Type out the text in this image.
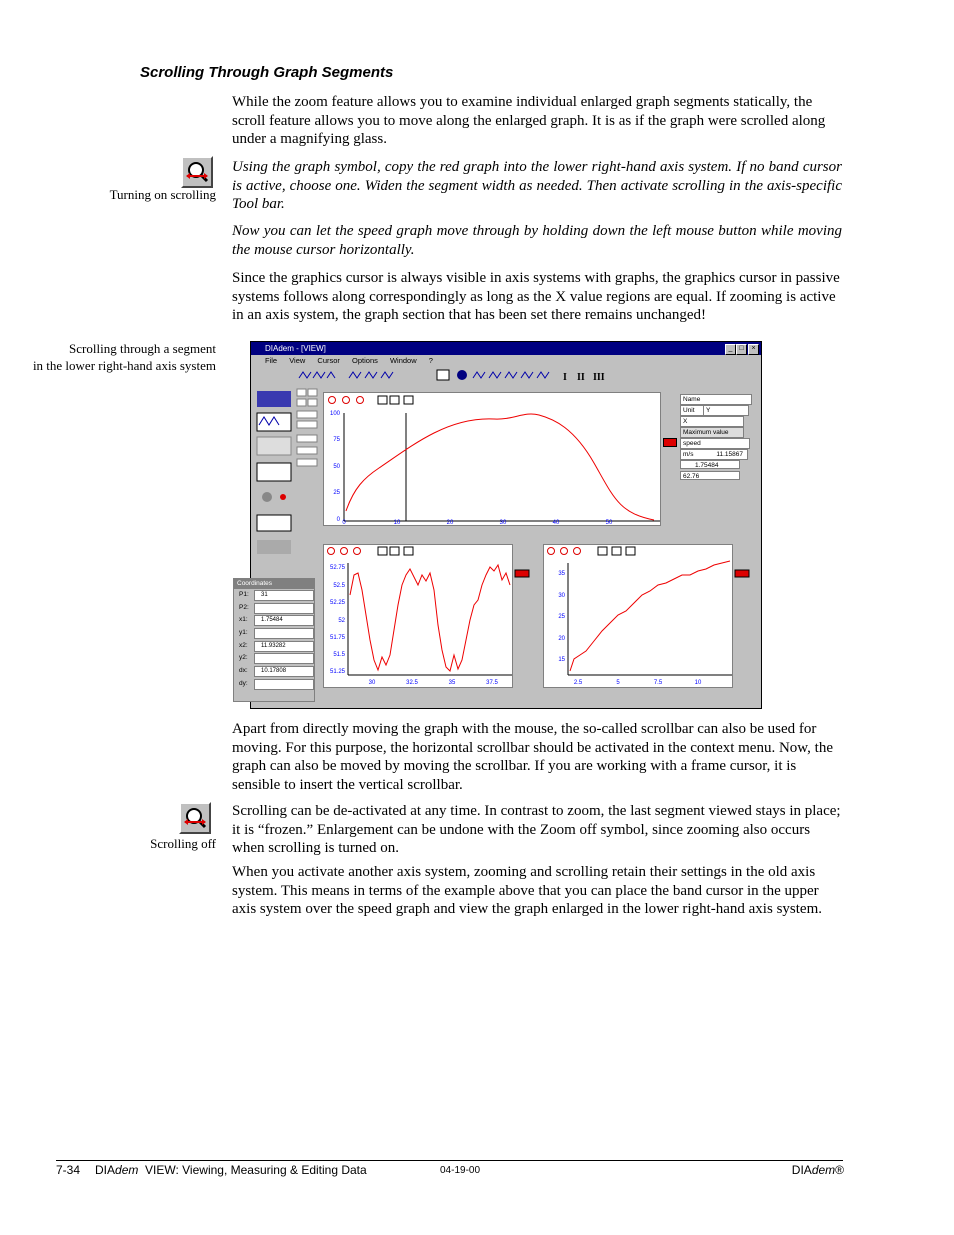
Scrolling Through Graph Segments

While the zoom feature allows you to examine individual enlarged graph segments statically, the scroll feature allows you to move along the enlarged graph. It is as if the graph were scrolled along under a magnifying glass.

Turning on scrolling

Using the graph symbol, copy the red graph into the lower right-hand axis system. If no band cursor is active, choose one. Widen the segment width as needed. Then activate scrolling in the axis-specific Tool bar.

Now you can let the speed graph move through by holding down the left mouse button while moving the mouse cursor horizontally.

Since the graphics cursor is always visible in axis systems with graphs, the graphics cursor in passive systems follows along correspondingly as long as the X value regions are equal. If zooming is active in an axis system, the graph section that has been set there remains unchanged!

Scrolling through a segment
in the lower right-hand axis system
DIAdem - [VIEW]	_ □	×
File View Cursor Options Window ?
I II III
100
75
50
25
0 0	10	20	30	40	50
Name
Unit	Y
X
Maximum value
speed
m/s	11.15867
1.75484
62.76
52.75
52.5
52.25
52
51.75
51.5
51.25
30	32.5	35	37.5
35
30
25
20
15
2.5	5	7.5	10
Coordinates
P1:	31
P2:
x1:	1.75484
y1:
x2:	11.93282
y2:
dx:	10.17808
dy:

Apart from directly moving the graph with the mouse, the so-called scrollbar can also be used for moving. For this purpose, the horizontal scrollbar should be activated in the context menu. Now, the graph can also be moved by moving the scrollbar. If you are working with a frame cursor, it is sensible to insert the vertical scrollbar.

Scrolling off

Scrolling can be de-activated at any time. In contrast to zoom, the last segment viewed stays in place; it is “frozen.” Enlargement can be undone with the Zoom off symbol, since zooming also occurs when scrolling is turned on.

When you activate another axis system, zooming and scrolling retain their settings in the old axis system. This means in terms of the example above that you can place the band cursor in the upper axis system over the speed graph and view the graph enlarged in the lower right-hand axis system.

7-34 DIAdem  VIEW: Viewing, Measuring & Editing Data	04-19-00	DIAdem®
